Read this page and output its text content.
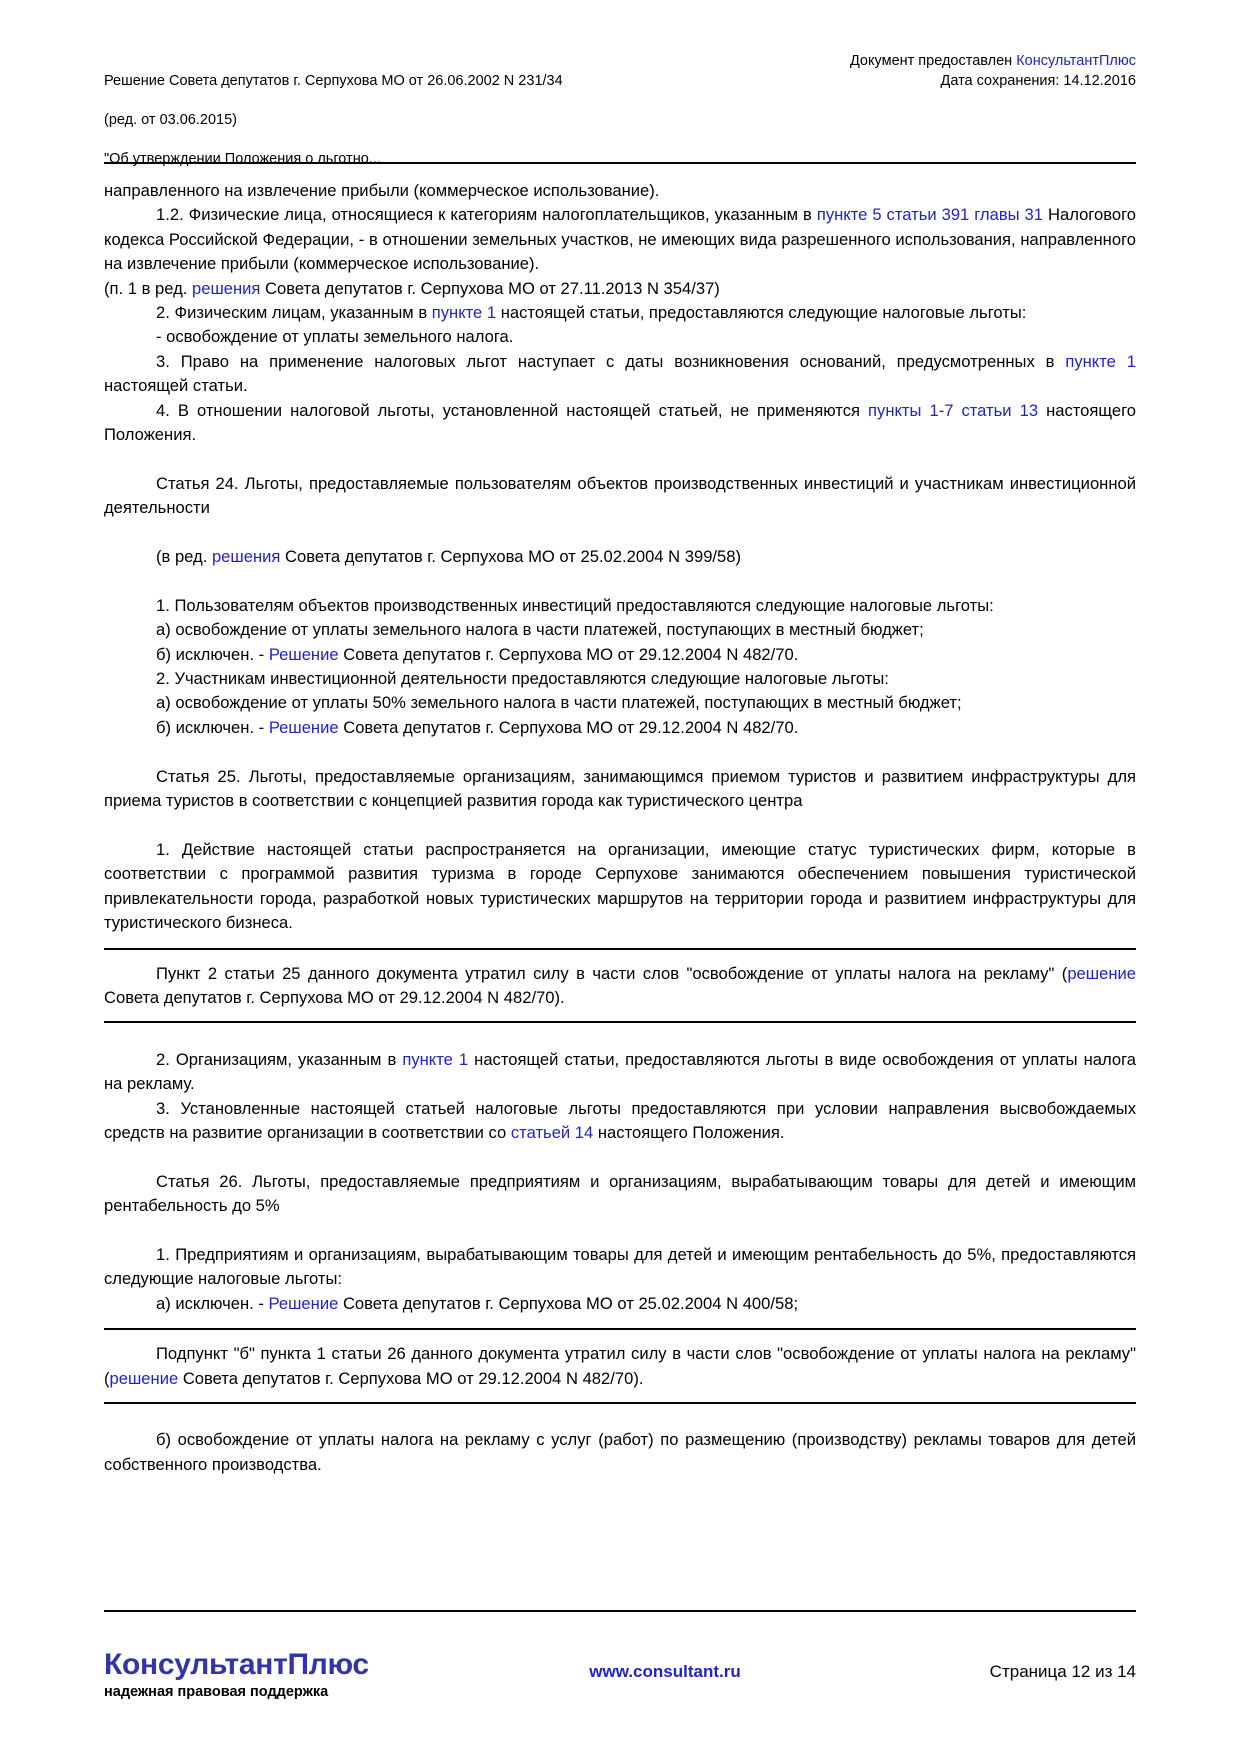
Решение Совета депутатов г. Серпухова МО от 26.06.2002 N 231/34

(ред. от 03.06.2015)

"Об утверждении Положения о льготно...

Документ предоставлен КонсультантПлюс
Дата сохранения: 14.12.2016

направленного на извлечение прибыли (коммерческое использование).

1.2. Физические лица, относящиеся к категориям налогоплательщиков, указанным в пункте 5 статьи 391 главы 31 Налогового кодекса Российской Федерации, - в отношении земельных участков, не имеющих вида разрешенного использования, направленного на извлечение прибыли (коммерческое использование).

(п. 1 в ред. решения Совета депутатов г. Серпухова МО от 27.11.2013 N 354/37)

2. Физическим лицам, указанным в пункте 1 настоящей статьи, предоставляются следующие налоговые льготы:

- освобождение от уплаты земельного налога.

3. Право на применение налоговых льгот наступает с даты возникновения оснований, предусмотренных в пункте 1 настоящей статьи.

4. В отношении налоговой льготы, установленной настоящей статьей, не применяются пункты 1-7 статьи 13 настоящего Положения.

Статья 24. Льготы, предоставляемые пользователям объектов производственных инвестиций и участникам инвестиционной деятельности

(в ред. решения Совета депутатов г. Серпухова МО от 25.02.2004 N 399/58)

1. Пользователям объектов производственных инвестиций предоставляются следующие налоговые льготы:

а) освобождение от уплаты земельного налога в части платежей, поступающих в местный бюджет;

б) исключен. - Решение Совета депутатов г. Серпухова МО от 29.12.2004 N 482/70.

2. Участникам инвестиционной деятельности предоставляются следующие налоговые льготы:

а) освобождение от уплаты 50% земельного налога в части платежей, поступающих в местный бюджет;

б) исключен. - Решение Совета депутатов г. Серпухова МО от 29.12.2004 N 482/70.

Статья 25. Льготы, предоставляемые организациям, занимающимся приемом туристов и развитием инфраструктуры для приема туристов в соответствии с концепцией развития города как туристического центра

1. Действие настоящей статьи распространяется на организации, имеющие статус туристических фирм, которые в соответствии с программой развития туризма в городе Серпухове занимаются обеспечением повышения туристической привлекательности города, разработкой новых туристических маршрутов на территории города и развитием инфраструктуры для туристического бизнеса.

Пункт 2 статьи 25 данного документа утратил силу в части слов "освобождение от уплаты налога на рекламу" (решение Совета депутатов г. Серпухова МО от 29.12.2004 N 482/70).

2. Организациям, указанным в пункте 1 настоящей статьи, предоставляются льготы в виде освобождения от уплаты налога на рекламу.

3. Установленные настоящей статьей налоговые льготы предоставляются при условии направления высвобождаемых средств на развитие организации в соответствии со статьей 14 настоящего Положения.

Статья 26. Льготы, предоставляемые предприятиям и организациям, вырабатывающим товары для детей и имеющим рентабельность до 5%

1. Предприятиям и организациям, вырабатывающим товары для детей и имеющим рентабельность до 5%, предоставляются следующие налоговые льготы:

а) исключен. - Решение Совета депутатов г. Серпухова МО от 25.02.2004 N 400/58;

Подпункт "б" пункта 1 статьи 26 данного документа утратил силу в части слов "освобождение от уплаты налога на рекламу" (решение Совета депутатов г. Серпухова МО от 29.12.2004 N 482/70).

б) освобождение от уплаты налога на рекламу с услуг (работ) по размещению (производству) рекламы товаров для детей собственного производства.

КонсультантПлюс
надежная правовая поддержка
www.consultant.ru	Страница 12 из 14
